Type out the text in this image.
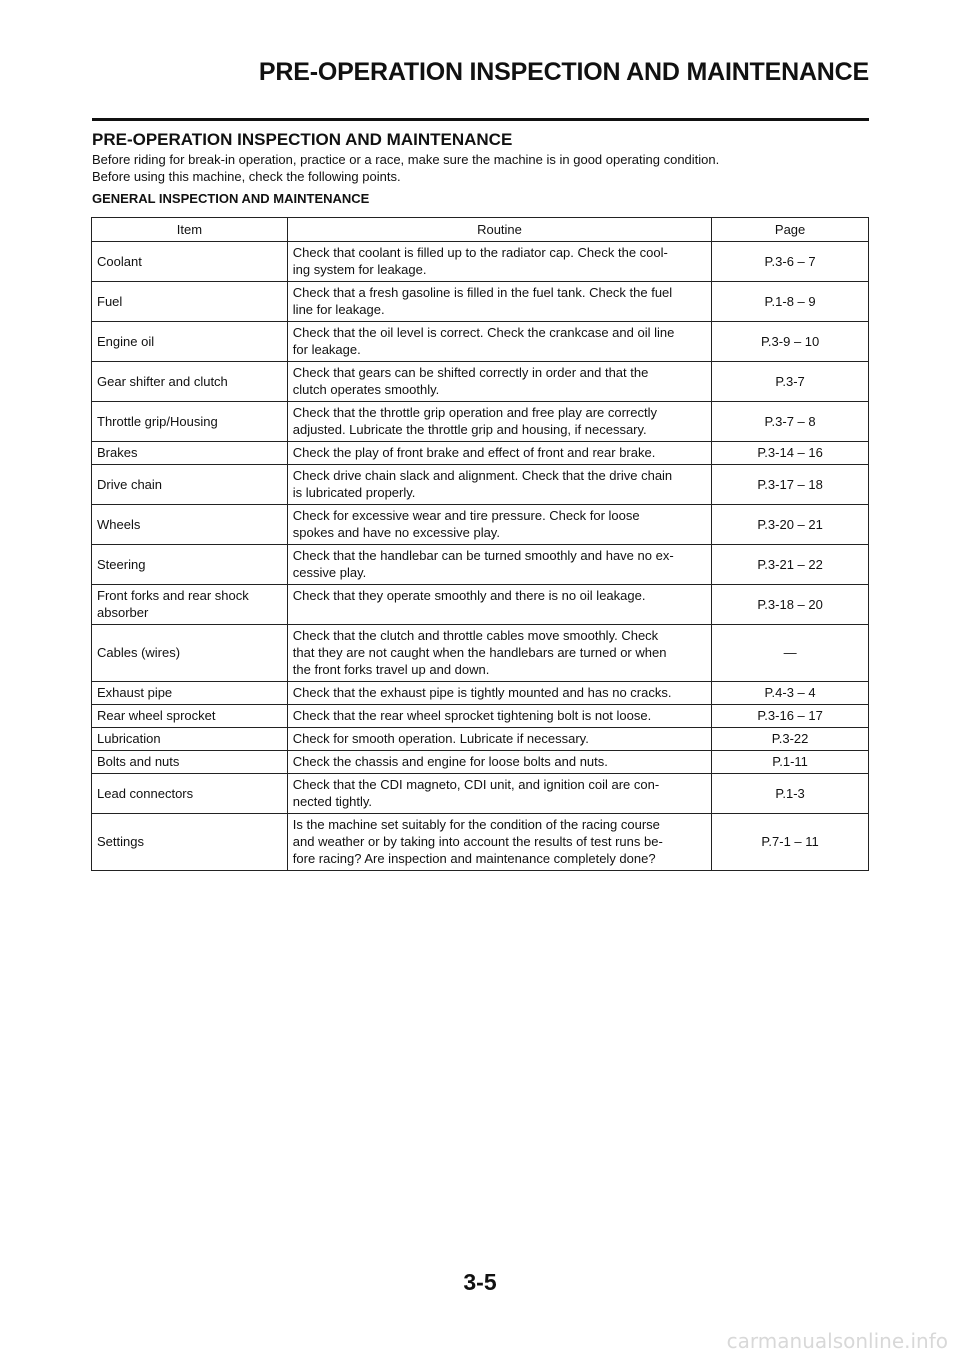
PRE-OPERATION INSPECTION AND MAINTENANCE
PRE-OPERATION INSPECTION AND MAINTENANCE

Before riding for break-in operation, practice or a race, make sure the machine is in good operating condition.

Before using this machine, check the following points.

GENERAL INSPECTION AND MAINTENANCE
Item	Routine	Page
Coolant	Check that coolant is filled up to the radiator cap. Check the cool-
ing system for leakage.	P.3-6 – 7
Fuel	Check that a fresh gasoline is filled in the fuel tank. Check the fuel
line for leakage.	P.1-8 – 9
Engine oil	Check that the oil level is correct. Check the crankcase and oil line
for leakage.	P.3-9 – 10
Gear shifter and clutch	Check that gears can be shifted correctly in order and that the
clutch operates smoothly.	P.3-7
Throttle grip/Housing	Check that the throttle grip operation and free play are correctly
adjusted. Lubricate the throttle grip and housing, if necessary.	P.3-7 – 8
Brakes	Check the play of front brake and effect of front and rear brake.	P.3-14 – 16
Drive chain	Check drive chain slack and alignment. Check that the drive chain
is lubricated properly.	P.3-17 – 18
Wheels	Check for excessive wear and tire pressure. Check for loose
spokes and have no excessive play.	P.3-20 – 21
Steering	Check that the handlebar can be turned smoothly and have no ex-
cessive play.	P.3-21 – 22
Front forks and rear shock
absorber	Check that they operate smoothly and there is no oil leakage.	P.3-18 – 20
Cables (wires)	Check that the clutch and throttle cables move smoothly. Check
that they are not caught when the handlebars are turned or when
the front forks travel up and down.	—
Exhaust pipe	Check that the exhaust pipe is tightly mounted and has no cracks.	P.4-3 – 4
Rear wheel sprocket	Check that the rear wheel sprocket tightening bolt is not loose.	P.3-16 – 17
Lubrication	Check for smooth operation. Lubricate if necessary.	P.3-22
Bolts and nuts	Check the chassis and engine for loose bolts and nuts.	P.1-11
Lead connectors	Check that the CDI magneto, CDI unit, and ignition coil are con-
nected tightly.	P.1-3
Settings	Is the machine set suitably for the condition of the racing course
and weather or by taking into account the results of test runs be-
fore racing? Are inspection and maintenance completely done?	P.7-1 – 11
3-5
carmanualsonline.info
